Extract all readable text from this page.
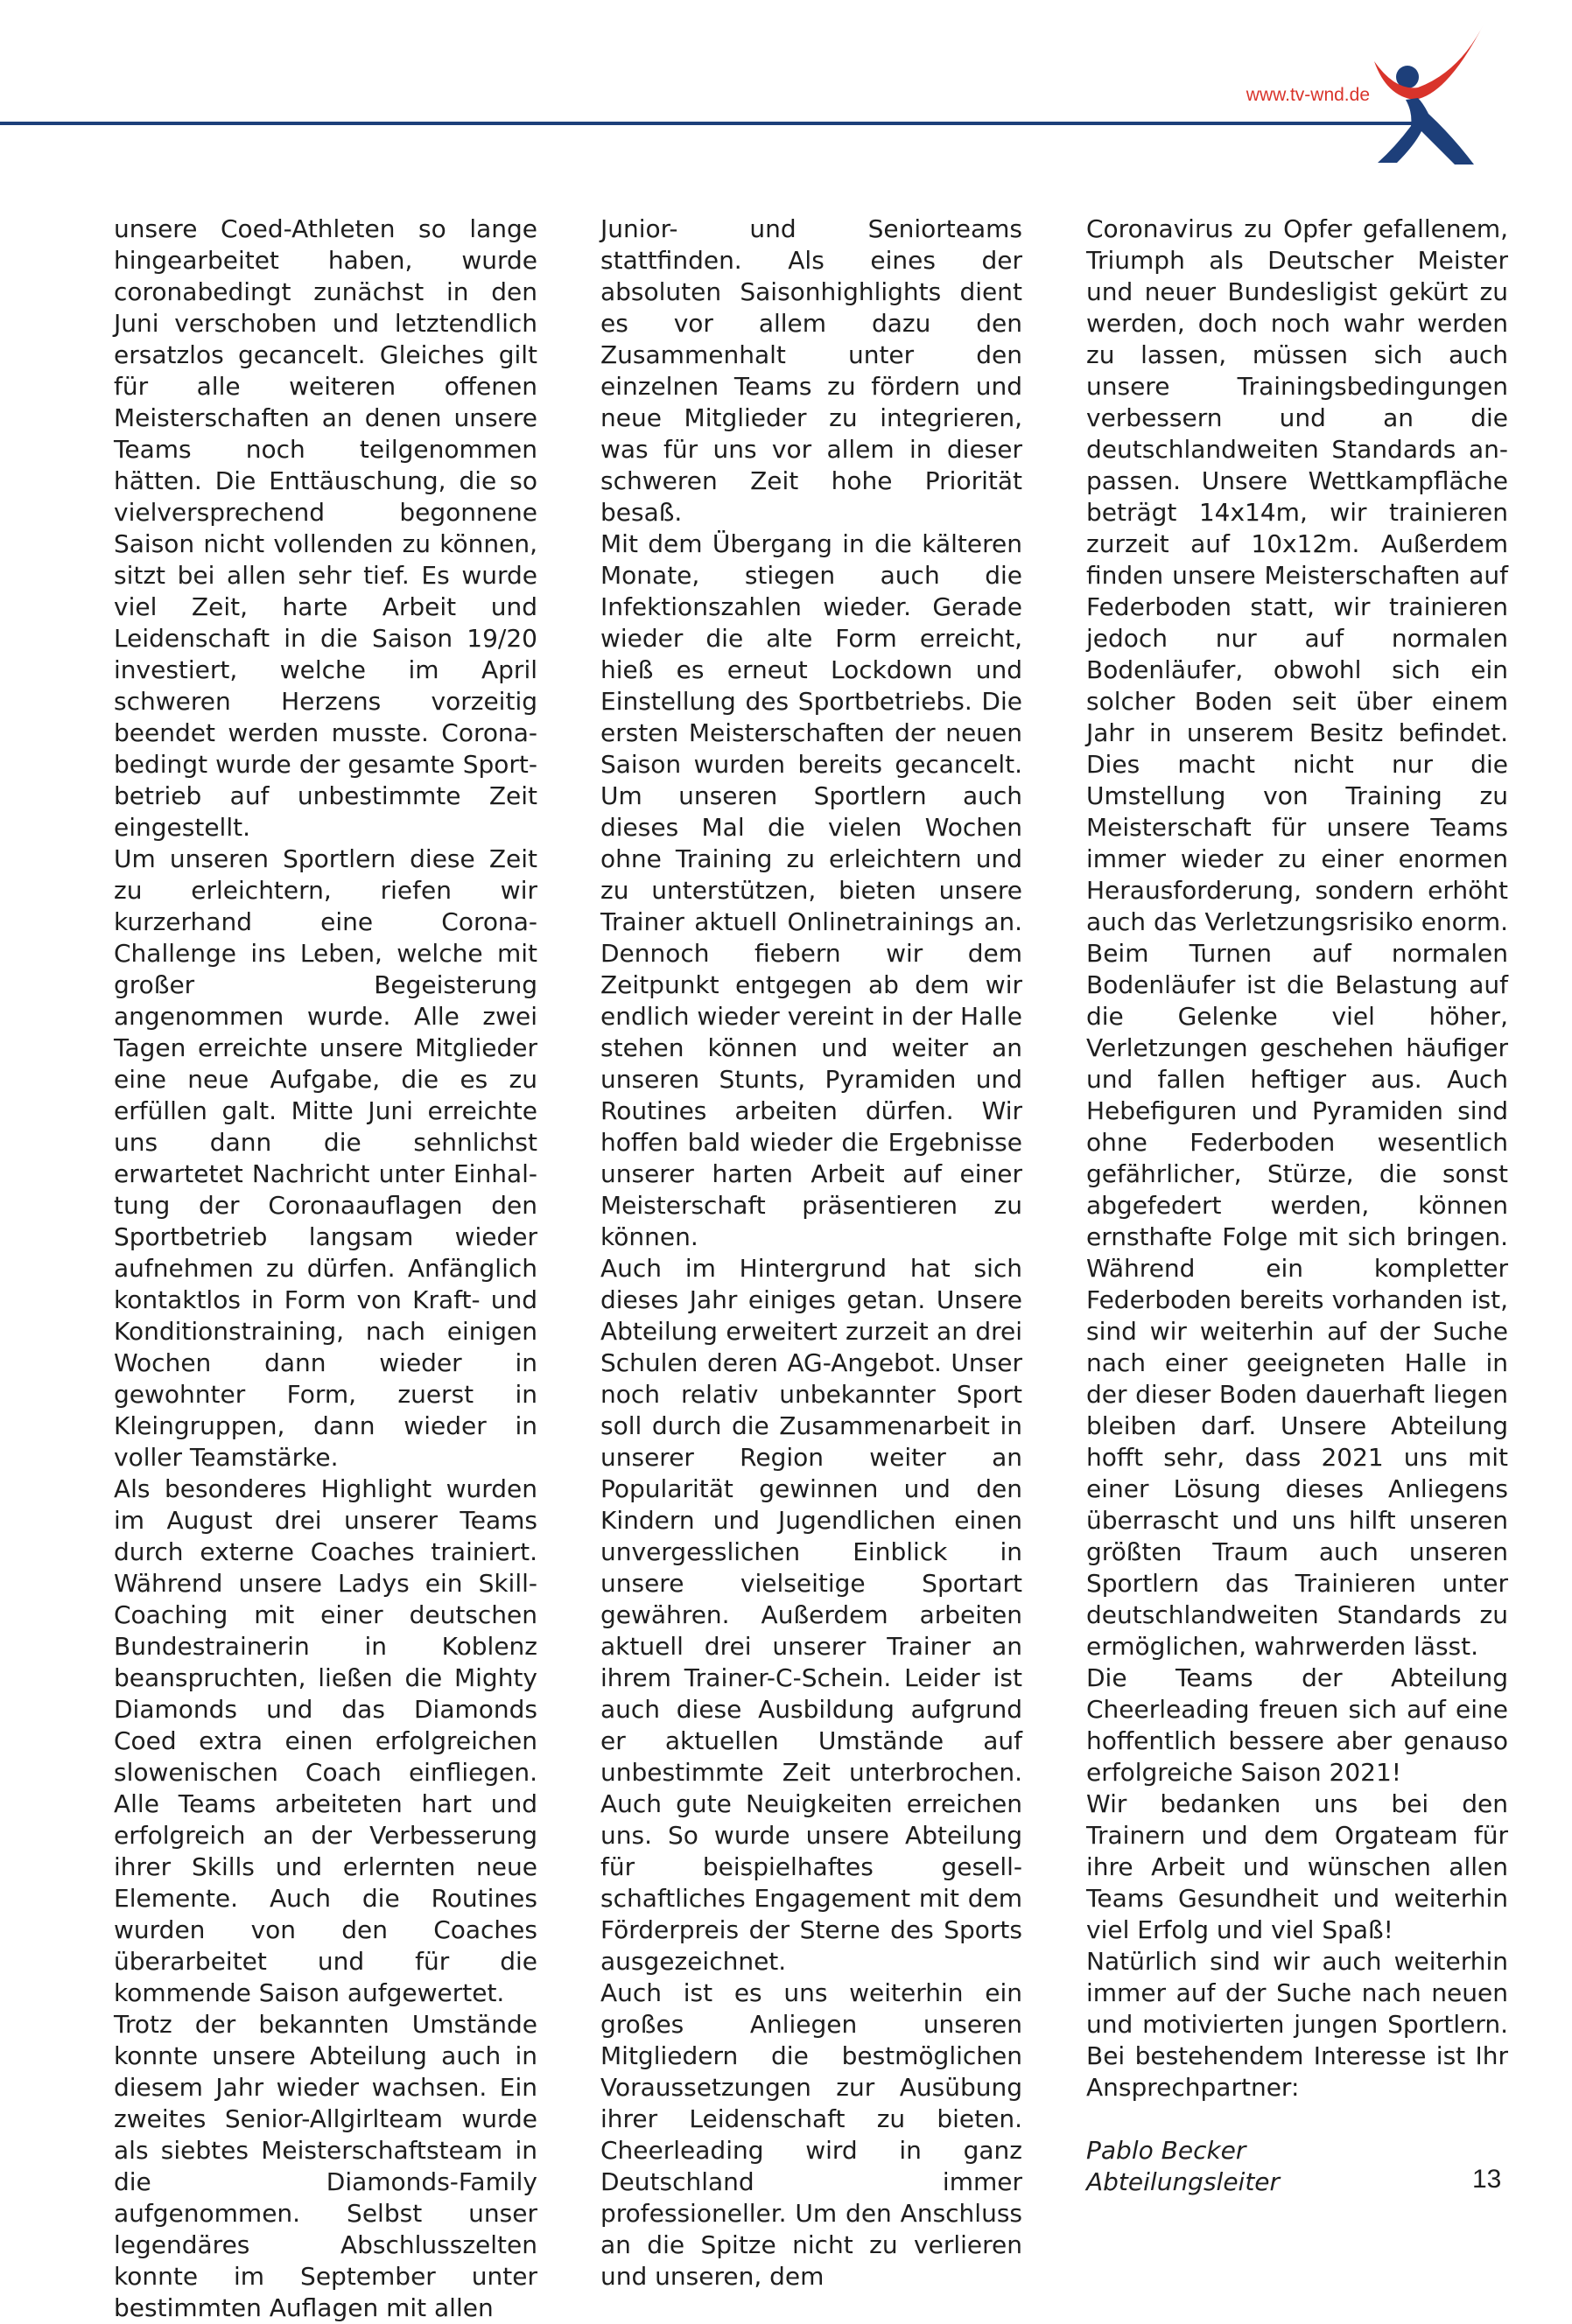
www.tv-wnd.de

unsere Coed-Athleten so lange hingearbeitet haben, wurde coronabedingt zunächst in den Juni verschoben und letztendlich ersatzlos gecancelt. Gleiches gilt für alle weiteren offenen Meisterschaften an denen unsere Teams noch teilgenommen hätten. Die Enttäuschung, die so vielversprechend begonnene Saison nicht vollenden zu können, sitzt bei allen sehr tief. Es wurde viel Zeit, harte Arbeit und Leidenschaft in die Saison 19/20 investiert, welche im April schweren Herzens vorzeitig beendet werden musste. Coronabedingt wurde der gesamte Sportbetrieb auf unbestimmte Zeit eingestellt.

Um unseren Sportlern diese Zeit zu erleichtern, riefen wir kurzerhand eine Corona-Challenge ins Leben, welche mit großer Begeisterung angenommen wurde. Alle zwei Tagen erreichte unsere Mitglieder eine neue Aufgabe, die es zu erfüllen galt. Mitte Juni erreichte uns dann die sehnlichst erwartetet Nachricht unter Einhaltung der Coronaauflagen den Sportbetrieb langsam wieder aufnehmen zu dürfen. Anfänglich kontaktlos in Form von Kraft- und Konditionstraining, nach einigen Wochen dann wieder in gewohnter Form, zuerst in Kleingruppen, dann wieder in voller Teamstärke.

Als besonderes Highlight wurden im August drei unserer Teams durch externe Coaches trainiert. Während unsere Ladys ein Skill-Coaching mit einer deutschen Bundestrainerin in Koblenz beanspruchten, ließen die Mighty Diamonds und das Diamonds Coed extra einen erfolgreichen slowenischen Coach einfliegen. Alle Teams arbeiteten hart und erfolgreich an der Verbesserung ihrer Skills und erlernten neue Elemente. Auch die Routines wurden von den Coaches überarbeitet und für die kommende Saison aufgewertet.

Trotz der bekannten Umstände konnte unsere Abteilung auch in diesem Jahr wieder wachsen. Ein zweites Senior-Allgirlteam wurde als siebtes Meisterschaftsteam in die Diamonds-Family aufgenommen. Selbst unser legendäres Abschlusszelten konnte im September unter bestimmten Auflagen mit allen

Junior- und Seniorteams stattfinden. Als eines der absoluten Saisonhighlights dient es vor allem dazu den Zusammenhalt unter den einzelnen Teams zu fördern und neue Mitglieder zu integrieren, was für uns vor allem in dieser schweren Zeit hohe Priorität besaß.

Mit dem Übergang in die kälteren Monate, stiegen auch die Infektionszahlen wieder. Gerade wieder die alte Form erreicht, hieß es erneut Lockdown und Einstellung des Sportbetriebs. Die ersten Meisterschaften der neuen Saison wurden bereits gecancelt. Um unseren Sportlern auch dieses Mal die vielen Wochen ohne Training zu erleichtern und zu unterstützen, bieten unsere Trainer aktuell Onlinetrainings an. Dennoch fiebern wir dem Zeitpunkt entgegen ab dem wir endlich wieder vereint in der Halle stehen können und weiter an unseren Stunts, Pyramiden und Routines arbeiten dürfen. Wir hoffen bald wieder die Ergebnisse unserer harten Arbeit auf einer Meisterschaft präsentieren zu können.

Auch im Hintergrund hat sich dieses Jahr einiges getan. Unsere Abteilung erweitert zurzeit an drei Schulen deren AG-Angebot. Unser noch relativ unbekannter Sport soll durch die Zusammenarbeit in unserer Region weiter an Popularität gewinnen und den Kindern und Jugendlichen einen unvergesslichen Einblick in unsere vielseitige Sportart gewähren. Außerdem arbeiten aktuell drei unserer Trainer an ihrem Trainer-C-Schein. Leider ist auch diese Ausbildung aufgrund er aktuellen Umstände auf unbestimmte Zeit unterbrochen. Auch gute Neuigkeiten erreichen uns. So wurde unsere Abteilung für beispielhaftes gesellschaftliches Engagement mit dem Förderpreis der Sterne des Sports ausgezeichnet.

Auch ist es uns weiterhin ein großes Anliegen unseren Mitgliedern die bestmöglichen Voraussetzungen zur Ausübung ihrer Leidenschaft zu bieten. Cheerleading wird in ganz Deutschland immer professioneller. Um den Anschluss an die Spitze nicht zu verlieren und unseren, dem

Coronavirus zu Opfer gefallenem, Triumph als Deutscher Meister und neuer Bundesligist gekürt zu werden, doch noch wahr werden zu lassen, müssen sich auch unsere Trainingsbedingungen verbessern und an die deutschlandweiten Standards anpassen. Unsere Wettkampfläche beträgt 14x14m, wir trainieren zurzeit auf 10x12m. Außerdem finden unsere Meisterschaften auf Federboden statt, wir trainieren jedoch nur auf normalen Bodenläufer, obwohl sich ein solcher Boden seit über einem Jahr in unserem Besitz befindet. Dies macht nicht nur die Umstellung von Training zu Meisterschaft für unsere Teams immer wieder zu einer enormen Herausforderung, sondern erhöht auch das Verletzungsrisiko enorm. Beim Turnen auf normalen Bodenläufer ist die Belastung auf die Gelenke viel höher, Verletzungen geschehen häufiger und fallen heftiger aus. Auch Hebefiguren und Pyramiden sind ohne Federboden wesentlich gefährlicher, Stürze, die sonst abgefedert werden, können ernsthafte Folge mit sich bringen. Während ein kompletter Federboden bereits vorhanden ist, sind wir weiterhin auf der Suche nach einer geeigneten Halle in der dieser Boden dauerhaft liegen bleiben darf. Unsere Abteilung hofft sehr, dass 2021 uns mit einer Lösung dieses Anliegens überrascht und uns hilft unseren größten Traum auch unseren Sportlern das Trainieren unter deutschlandweiten Standards zu ermöglichen, wahrwerden lässt.

Die Teams der Abteilung Cheerleading freuen sich auf eine hoffentlich bessere aber genauso erfolgreiche Saison 2021!

Wir bedanken uns bei den Trainern und dem Orgateam für ihre Arbeit und wünschen allen Teams Gesundheit und weiterhin viel Erfolg und viel Spaß!

Natürlich sind wir auch weiterhin immer auf der Suche nach neuen und motivierten jungen Sportlern. Bei bestehendem Interesse ist Ihr Ansprechpartner:

Pablo Becker

Abteilungsleiter	13
